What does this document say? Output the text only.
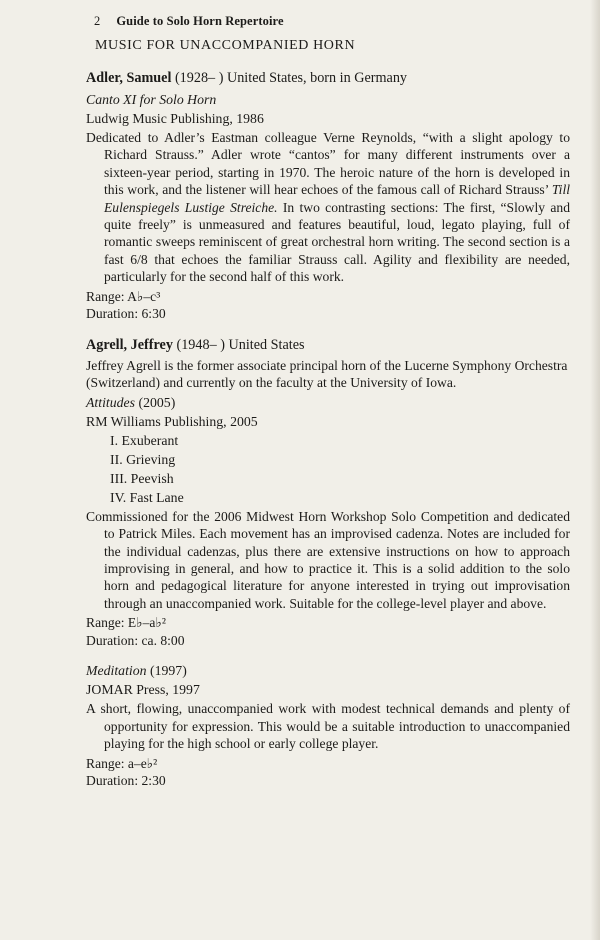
2 Guide to Solo Horn Repertoire
MUSIC FOR UNACCOMPANIED HORN
Adler, Samuel (1928– ) United States, born in Germany
Canto XI for Solo Horn
Ludwig Music Publishing, 1986
Dedicated to Adler’s Eastman colleague Verne Reynolds, “with a slight apology to Richard Strauss.” Adler wrote “cantos” for many different instruments over a sixteen-year period, starting in 1970. The heroic nature of the horn is developed in this work, and the listener will hear echoes of the famous call of Richard Strauss’ Till Eulenspiegels Lustige Streiche. In two contrasting sections: The first, “Slowly and quite freely” is unmeasured and features beautiful, loud, legato playing, full of romantic sweeps reminiscent of great orchestral horn writing. The second section is a fast 6/8 that echoes the familiar Strauss call. Agility and flexibility are needed, particularly for the second half of this work.
Range: A♭–c³
Duration: 6:30
Agrell, Jeffrey (1948– ) United States
Jeffrey Agrell is the former associate principal horn of the Lucerne Symphony Orchestra (Switzerland) and currently on the faculty at the University of Iowa.
Attitudes (2005)
RM Williams Publishing, 2005
I. Exuberant
II. Grieving
III. Peevish
IV. Fast Lane
Commissioned for the 2006 Midwest Horn Workshop Solo Competition and dedicated to Patrick Miles. Each movement has an improvised cadenza. Notes are included for the individual cadenzas, plus there are extensive instructions on how to approach improvising in general, and how to practice it. This is a solid addition to the solo horn and pedagogical literature for anyone interested in trying out improvisation through an unaccompanied work. Suitable for the college-level player and above.
Range: E♭–a♭²
Duration: ca. 8:00
Meditation (1997)
JOMAR Press, 1997
A short, flowing, unaccompanied work with modest technical demands and plenty of opportunity for expression. This would be a suitable introduction to unaccompanied playing for the high school or early college player.
Range: a–e♭²
Duration: 2:30
